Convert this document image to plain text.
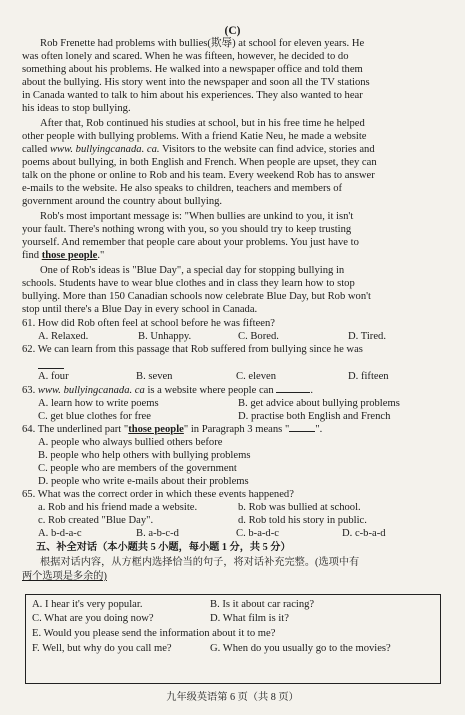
(C)
Rob Frenette had problems with bullies(欺辱) at school for eleven years. He
was often lonely and scared. When he was fifteen, however, he decided to do
something about his problems. He walked into a newspaper office and told them
about the bullying. His story went into the newspaper and soon all the TV stations
in Canada wanted to talk to him about his experiences. They also wanted to hear
his ideas to stop bullying.
After that, Rob continued his studies at school, but in his free time he helped
other people with bullying problems. With a friend Katie Neu, he made a website
called www. bullyingcanada. ca. Visitors to the website can find advice, stories and
poems about bullying, in both English and French. When people are upset, they can
talk on the phone or online to Rob and his team. Every weekend Rob has to answer
e-mails to the website. He also speaks to children, teachers and members of
government around the country about bullying.
Rob's most important message is: "When bullies are unkind to you, it isn't
your fault. There's nothing wrong with you, so you should try to keep trusting
yourself. And remember that people care about your problems. You just have to
find those people."
One of Rob's ideas is "Blue Day", a special day for stopping bullying in
schools. Students have to wear blue clothes and in class they learn how to stop
bullying. More than 150 Canadian schools now celebrate Blue Day, but Rob won't
stop until there's a Blue Day in every school in Canada.
61. How did Rob often feel at school before he was fifteen?
A. Relaxed.	B. Unhappy.	C. Bored.	D. Tired.
62. We can learn from this passage that Rob suffered from bullying since he was
A. four	B. seven	C. eleven	D. fifteen
63. www. bullyingcanada. ca is a website where people can	.
A. learn how to write poems	B. get advice about bullying problems
C. get blue clothes for free	D. practise both English and French
64. The underlined part "those people" in Paragraph 3 means " ".
A. people who always bullied others before
B. people who help others with bullying problems
C. people who are members of the government
D. people who write e-mails about their problems
65. What was the correct order in which these events happened?
a. Rob and his friend made a website.	b. Rob was bullied at school.
c. Rob created "Blue Day".	d. Rob told his story in public.
A. b-d-a-c	B. a-b-c-d	C. b-a-d-c	D. c-b-a-d
五、补全对话（本小题共 5 小题，每小题 1 分，共 5 分）
根据对话内容，从方框内选择恰当的句子，将对话补充完整。(选项中有
两个选项是多余的)
A. I hear it's very popular.	B. Is it about car racing?
C. What are you doing now?	D. What film is it?
E. Would you please send the information about it to me?
F. Well, but why do you call me?	G. When do you usually go to the movies?
九年级英语第 6 页（共 8 页）
